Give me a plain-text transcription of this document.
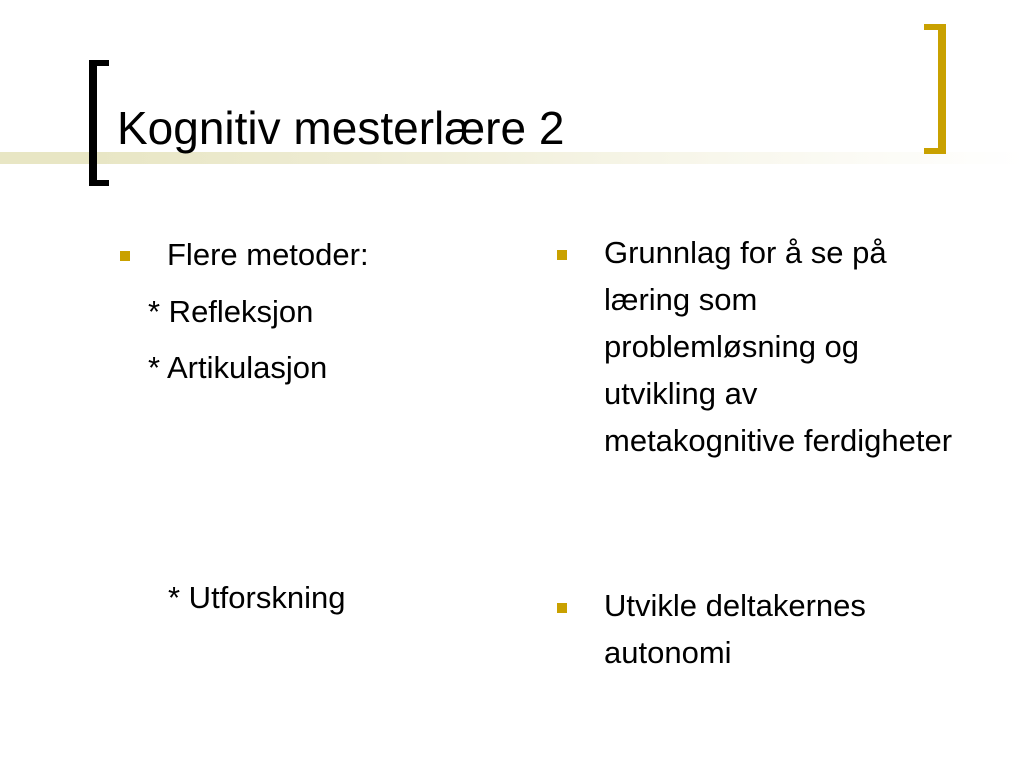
Kognitiv mesterlære 2
Flere metoder:
* Refleksjon
* Artikulasjon
* Utforskning
Grunnlag for å se på læring som problemløsning og utvikling av metakognitive ferdigheter
Utvikle deltakernes autonomi
